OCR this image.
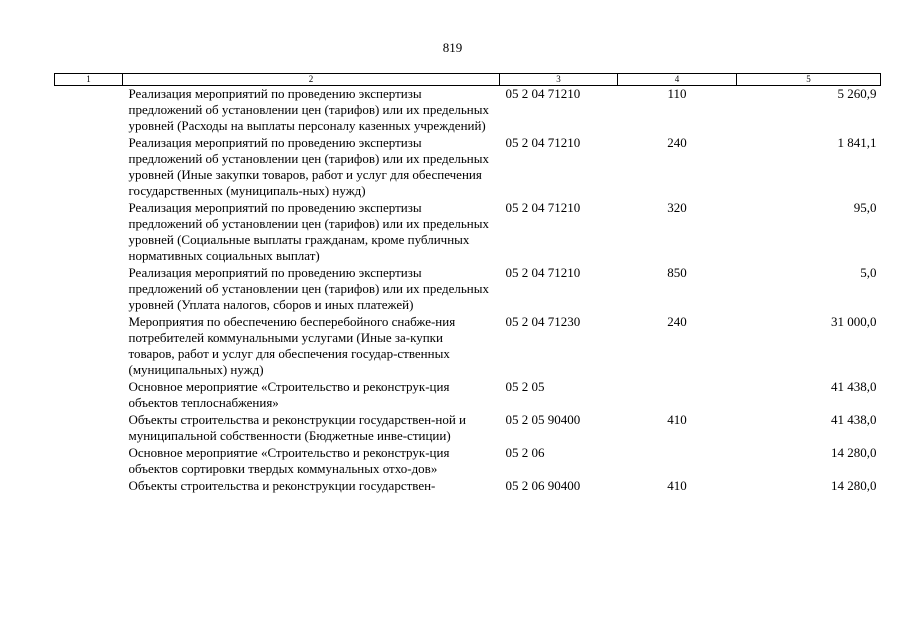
819
1	2	3	4	5
	Реализация мероприятий по проведению экспертизы предложений об установлении цен (тарифов) или их предельных уровней (Расходы на выплаты персоналу казенных учреждений)	05 2 04 71210	110	5 260,9
	Реализация мероприятий по проведению экспертизы предложений об установлении цен (тарифов) или их предельных уровней (Иные закупки товаров, работ и услуг для обеспечения государственных (муниципаль-ных) нужд)	05 2 04 71210	240	1 841,1
	Реализация мероприятий по проведению экспертизы предложений об установлении цен (тарифов) или их предельных уровней (Социальные выплаты гражданам, кроме публичных нормативных социальных выплат)	05 2 04 71210	320	95,0
	Реализация мероприятий по проведению экспертизы предложений об установлении цен (тарифов) или их предельных уровней (Уплата налогов, сборов и иных платежей)	05 2 04 71210	850	5,0
	Мероприятия по обеспечению бесперебойного снабже-ния потребителей коммунальными услугами (Иные за-купки товаров, работ и услуг для обеспечения государ-ственных (муниципальных) нужд)	05 2 04 71230	240	31 000,0
	Основное мероприятие «Строительство и реконструк-ция объектов теплоснабжения»	05 2 05		41 438,0
	Объекты строительства и реконструкции государствен-ной и муниципальной собственности (Бюджетные инве-стиции)	05 2 05 90400	410	41 438,0
	Основное мероприятие «Строительство и реконструк-ция объектов сортировки твердых коммунальных отхо-дов»	05 2 06		14 280,0
	Объекты строительства и реконструкции государствен-	05 2 06 90400	410	14 280,0
